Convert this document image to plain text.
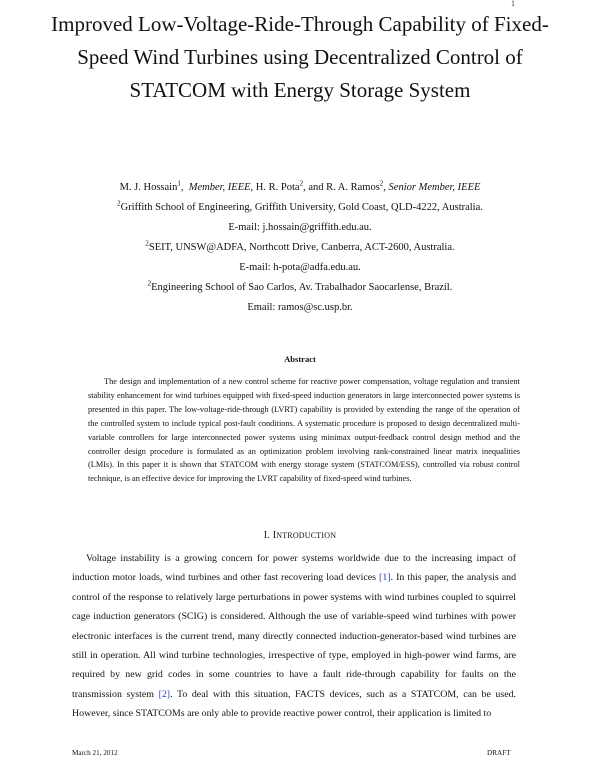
1
Improved Low-Voltage-Ride-Through Capability of Fixed-Speed Wind Turbines using Decentralized Control of STATCOM with Energy Storage System

M. J. Hossain$^1$,  Member, IEEE, H. R. Pota$^2$, and R. A. Ramos$^2$, Senior Member, IEEE

$^2$Griffith School of Engineering, Griffith University, Gold Coast, QLD-4222, Australia.

E-mail: j.hossain@griffith.edu.au.

$^2$SEIT, UNSW@ADFA, Northcott Drive, Canberra, ACT-2600, Australia.

E-mail: h-pota@adfa.edu.au.

$^2$Engineering School of Sao Carlos, Av. Trabalhador Saocarlense, Brazil.

Email: ramos@sc.usp.br.

Abstract

The design and implementation of a new control scheme for reactive power compensation, voltage regulation and transient stability enhancement for wind turbines equipped with fixed-speed induction generators in large interconnected power systems is presented in this paper. The low-voltage-ride-through (LVRT) capability is provided by extending the range of the operation of the controlled system to include typical post-fault conditions. A systematic procedure is proposed to design decentralized multi-variable controllers for large interconnected power systems using minimax output-feedback control design method and the controller design procedure is formulated as an optimization problem involving rank-constrained linear matrix inequalities (LMIs). In this paper it is shown that STATCOM with energy storage system (STATCOM/ESS), controlled via robust control technique, is an effective device for improving the LVRT capability of fixed-speed wind turbines.

I. INTRODUCTION

Voltage instability is a growing concern for power systems worldwide due to the increasing impact of induction motor loads, wind turbines and other fast recovering load devices [1]. In this paper, the analysis and control of the response to relatively large perturbations in power systems with wind turbines coupled to squirrel cage induction generators (SCIG) is considered. Although the use of variable-speed wind turbines with power electronic interfaces is the current trend, many directly connected induction-generator-based wind turbines are still in operation. All wind turbine technologies, irrespective of type, employed in high-power wind farms, are required by new grid codes in some countries to have a fault ride-through capability for faults on the transmission system [2]. To deal with this situation, FACTS devices, such as a STATCOM, can be used. However, since STATCOMs are only able to provide reactive power control, their application is limited to

March 21, 2012	DRAFT
